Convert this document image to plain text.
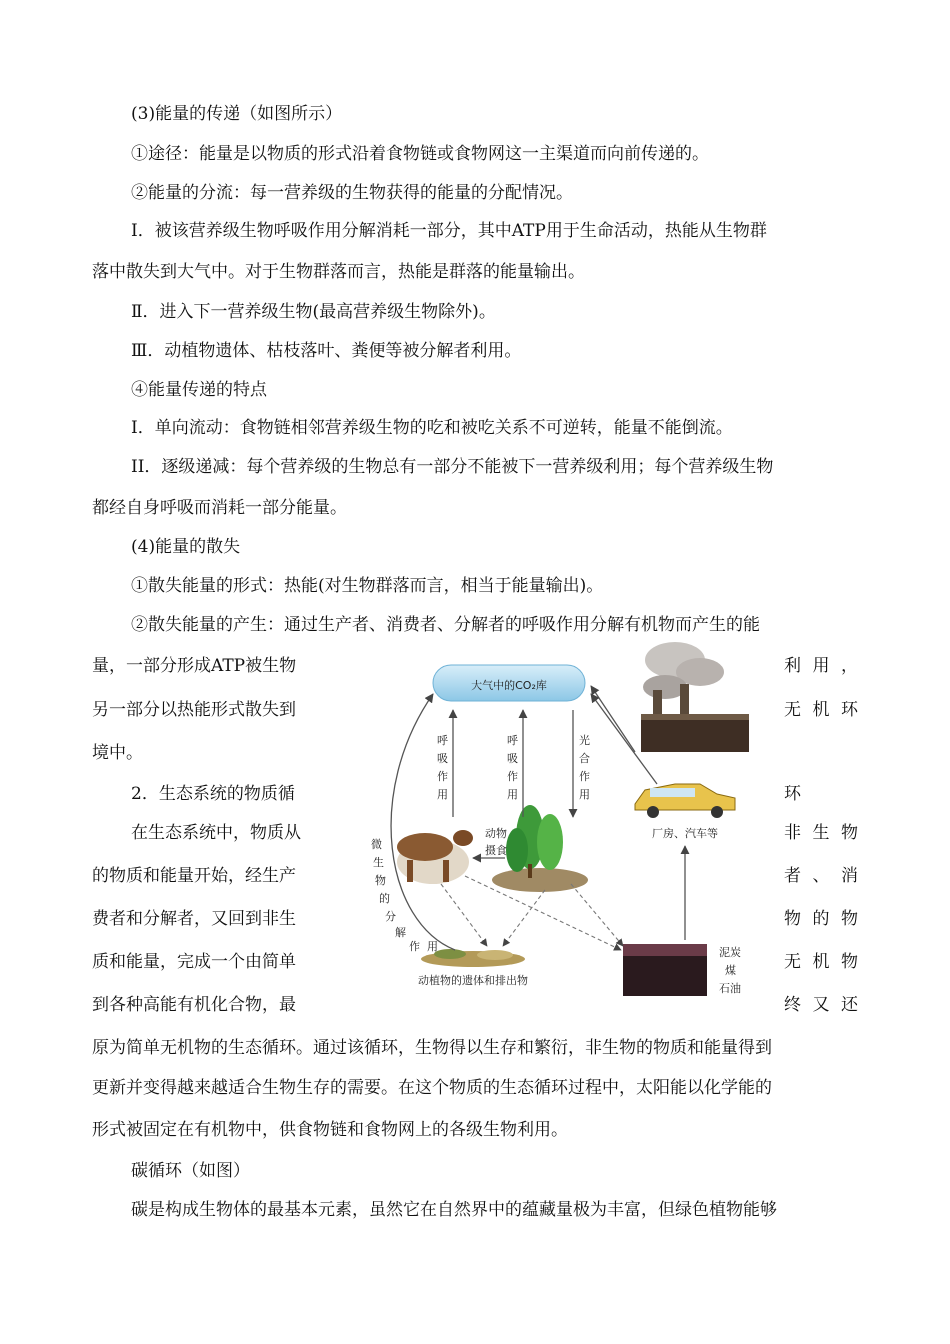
(3)能量的传递（如图所示）
①途径：能量是以物质的形式沿着食物链或食物网这一主渠道而向前传递的。
②能量的分流：每一营养级的生物获得的能量的分配情况。
I．被该营养级生物呼吸作用分解消耗一部分，其中ATP用于生命活动，热能从生物群
落中散失到大气中。对于生物群落而言，热能是群落的能量输出。
Ⅱ．进入下一营养级生物(最高营养级生物除外)。
Ⅲ．动植物遗体、枯枝落叶、粪便等被分解者利用。
④能量传递的特点
I．单向流动：食物链相邻营养级生物的吃和被吃关系不可逆转，能量不能倒流。
II．逐级递减：每个营养级的生物总有一部分不能被下一营养级利用；每个营养级生物
都经自身呼吸而消耗一部分能量。
(4)能量的散失
①散失能量的形式：热能(对生物群落而言，相当于能量输出)。
②散失能量的产生：通过生产者、消费者、分解者的呼吸作用分解有机物而产生的能
量，一部分形成ATP被生物	利 用 ，
另一部分以热能形式散失到	无 机 环
境中。
2．生态系统的物质循	环
在生态系统中，物质从	非 生 物
的物质和能量开始，经生产	者 、 消
费者和分解者，又回到非生	物 的 物
质和能量，完成一个由简单	无 机 物
到各种高能有机化合物，最	终 又 还
原为简单无机物的生态循环。通过该循环，生物得以生存和繁衍，非生物的物质和能量得到
更新并变得越来越适合生物生存的需要。在这个物质的生态循环过程中，太阳能以化学能的
形式被固定在有机物中，供食物链和食物网上的各级生物利用。
碳循环（如图）
碳是构成生物体的最基本元素，虽然它在自然界中的蕴藏量极为丰富，但绿色植物能够
大气中的CO₂库
厂房、汽车等
动植物的遗体和排出物
泥炭
煤
石油
呼
吸
作
用
呼
吸
作
用
光
合
作
用
微
生
物
的
分
解
作 用
动物
摄食
